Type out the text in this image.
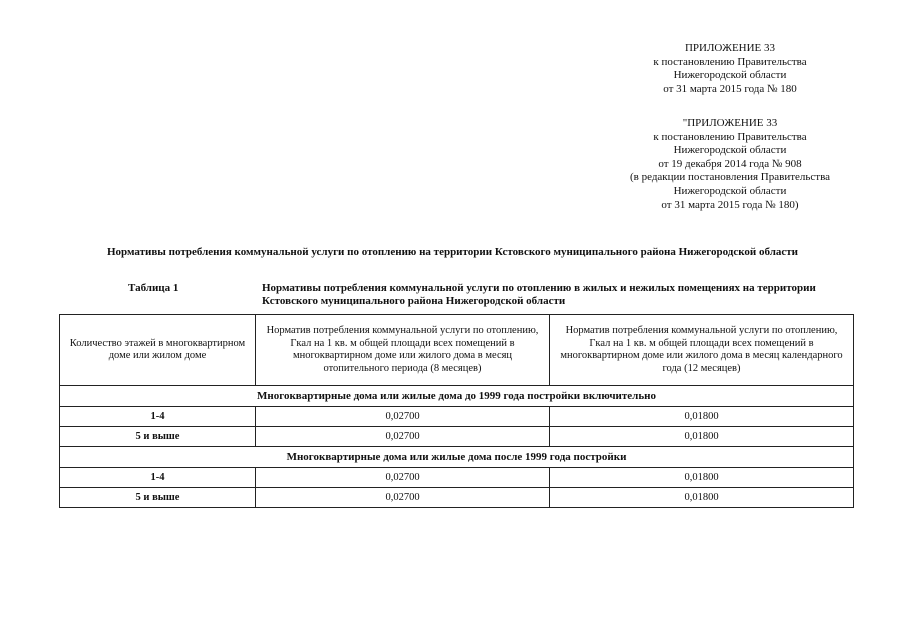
ПРИЛОЖЕНИЕ 33
к постановлению Правительства
Нижегородской области
от 31 марта 2015 года № 180
"ПРИЛОЖЕНИЕ 33
к постановлению Правительства
Нижегородской области
от 19 декабря 2014 года № 908
(в редакции постановления Правительства
Нижегородской области
от 31 марта 2015 года № 180)
Нормативы потребления коммунальной услуги по отоплению на территории Кстовского муниципального района Нижегородской области
Таблица 1	Нормативы потребления коммунальной услуги по отоплению в жилых и нежилых помещениях на территории Кстовского муниципального района Нижегородской области
Количество этажей в многоквартирном доме или жилом доме	Норматив потребления коммунальной услуги по отоплению, Гкал на 1 кв. м общей площади всех помещений в многоквартирном доме или жилого дома в месяц отопительного периода (8 месяцев)	Норматив потребления коммунальной услуги по отоплению, Гкал на 1 кв. м общей площади всех помещений в многоквартирном доме или жилого дома в месяц календарного года (12 месяцев)
Многоквартирные дома или жилые дома до 1999 года постройки включительно		
1-4	0,02700	0,01800
5 и выше	0,02700	0,01800
Многоквартирные дома или жилые дома после 1999 года постройки		
1-4	0,02700	0,01800
5 и выше	0,02700	0,01800
